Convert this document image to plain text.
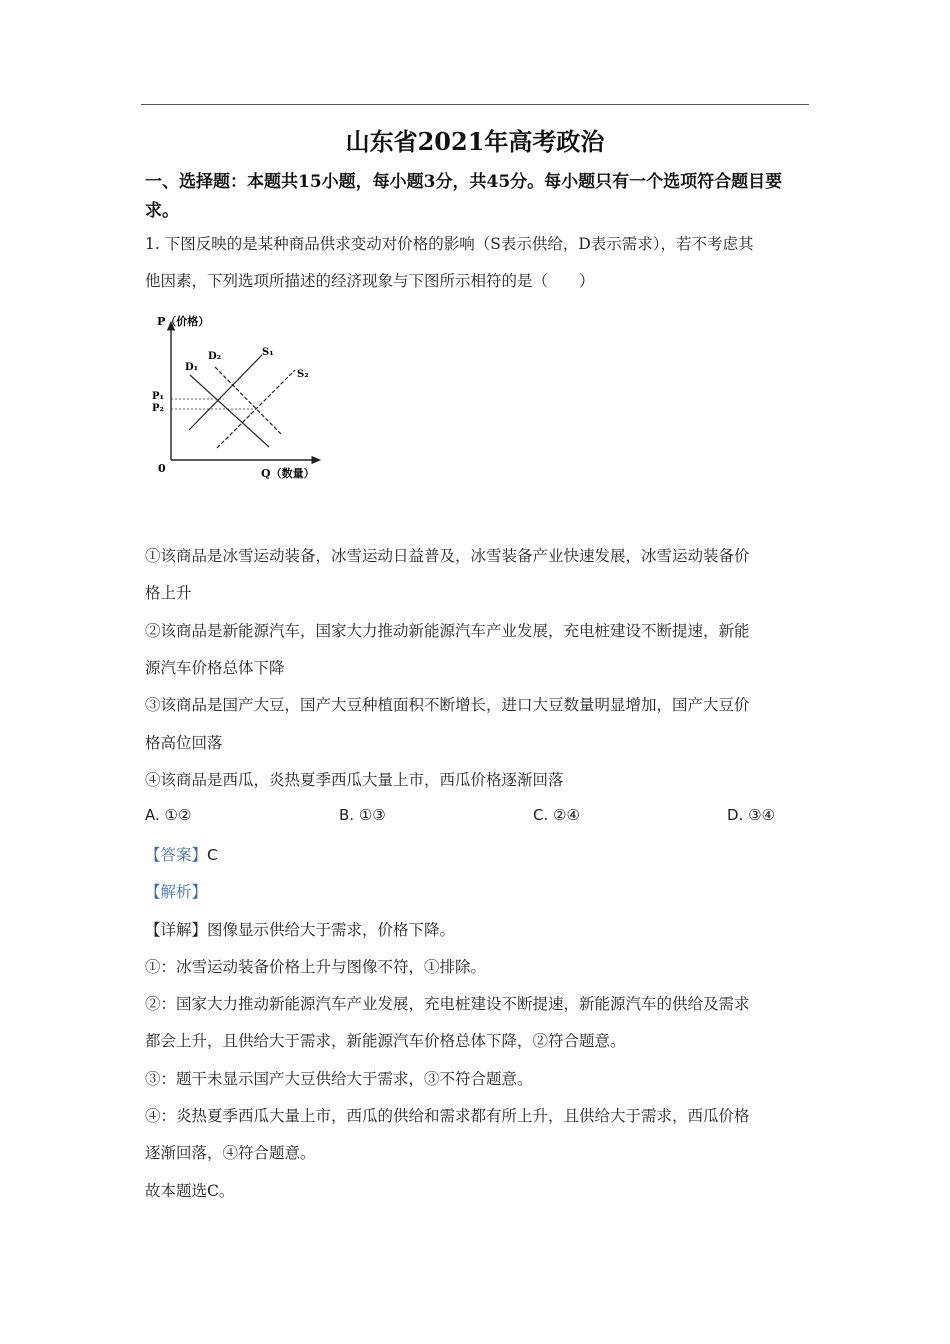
山东省2021年高考政治
一、选择题：本题共15小题，每小题3分，共45分。每小题只有一个选项符合题目要求。
1. 下图反映的是某种商品供求变动对价格的影响（S表示供给，D表示需求），若不考虑其
他因素，下列选项所描述的经济现象与下图所示相符的是（　　）
P（价格）
Q（数量）
0
D₁
D₂	S₁
S₂
P₁
P₂
①该商品是冰雪运动装备，冰雪运动日益普及，冰雪装备产业快速发展，冰雪运动装备价
格上升
②该商品是新能源汽车，国家大力推动新能源汽车产业发展，充电桩建设不断提速，新能
源汽车价格总体下降
③该商品是国产大豆，国产大豆种植面积不断增长，进口大豆数量明显增加，国产大豆价
格高位回落
④该商品是西瓜，炎热夏季西瓜大量上市，西瓜价格逐渐回落
A. ①②	B. ①③	C. ②④	D. ③④
【答案】C
【解析】
【详解】图像显示供给大于需求，价格下降。
①：冰雪运动装备价格上升与图像不符，①排除。
②：国家大力推动新能源汽车产业发展，充电桩建设不断提速，新能源汽车的供给及需求
都会上升，且供给大于需求，新能源汽车价格总体下降，②符合题意。
③：题干未显示国产大豆供给大于需求，③不符合题意。
④：炎热夏季西瓜大量上市，西瓜的供给和需求都有所上升，且供给大于需求，西瓜价格
逐渐回落，④符合题意。
故本题选C。
